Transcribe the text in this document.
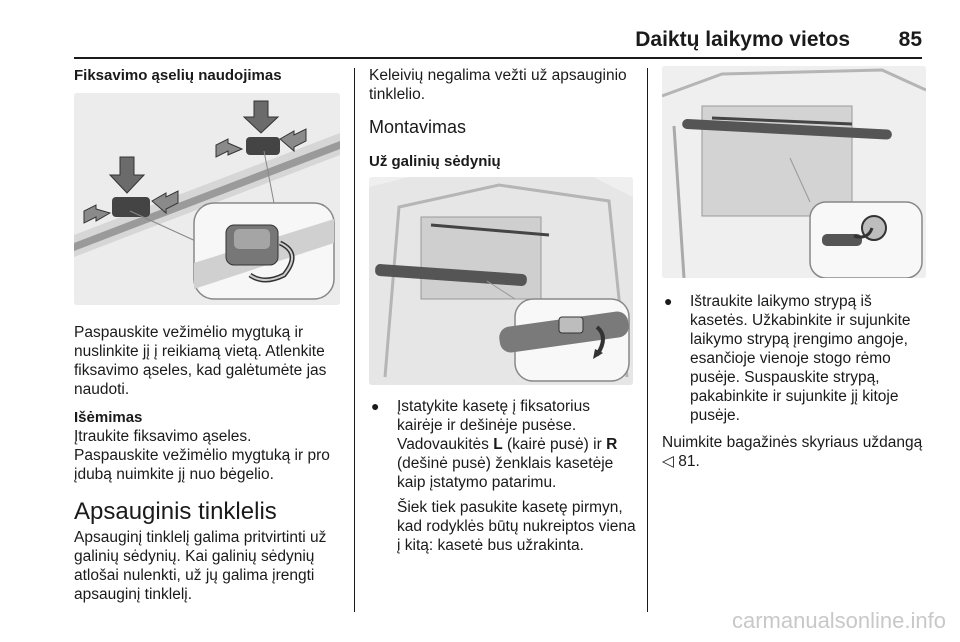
Daiktų laikymo vietos 85

Fiksavimo ąselių naudojimas

Paspauskite vežimėlio mygtuką ir nuslinkite jį į reikiamą vietą. Atlenkite fiksavimo ąseles, kad galėtumėte jas naudoti.

Išėmimas

Įtraukite fiksavimo ąseles.

Paspauskite vežimėlio mygtuką ir pro įdubą nuimkite jį nuo bėgelio.

Apsauginis tinklelis

Apsauginį tinklelį galima pritvirtinti už galinių sėdynių. Kai galinių sėdynių atlošai nulenkti, už jų galima įrengti apsauginį tinklelį.

Keleivių negalima vežti už apsauginio tinklelio.

Montavimas

Už galinių sėdynių

●	Įstatykite kasetę į fiksatorius kairėje ir dešinėje pusėse. Vadovaukitės L (kairė pusė) ir R (dešinė pusė) ženklais kasetėje kaip įstatymo patarimu.

Šiek tiek pasukite kasetę pirmyn, kad rodyklės būtų nukreiptos viena į kitą: kasetė bus užrakinta.

●	Ištraukite laikymo strypą iš kasetės. Užkabinkite ir sujunkite laikymo strypą įrengimo angoje, esančioje vienoje stogo rėmo pusėje. Suspauskite strypą, pakabinkite ir sujunkite jį kitoje pusėje.

Nuimkite bagažinės skyriaus uždangą ◁ 81.

carmanualsonline.info
